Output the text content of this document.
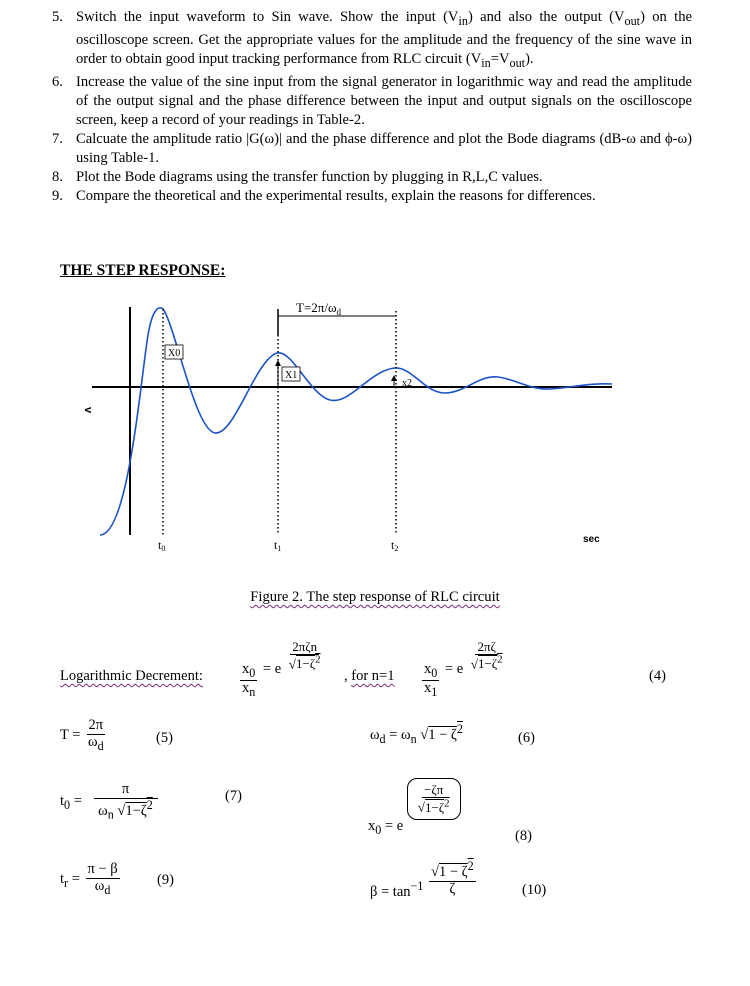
5. Switch the input waveform to Sin wave. Show the input $(V_{in})$ and also the output $(V_{out})$ on the oscilloscope screen. Get the appropriate values for the amplitude and the frequency of the sine wave in order to obtain good input tracking performance from RLC circuit $(V_{in}=V_{out})$.
6. Increase the value of the sine input from the signal generator in logarithmic way and read the amplitude of the output signal and the phase difference between the input and output signals on the oscilloscope screen, keep a record of your readings in Table-2.
7. Calcuate the amplitude ratio |G(ω)| and the phase difference and plot the Bode diagrams (dB-ω and ϕ-ω) using Table-1.
8. Plot the Bode diagrams using the transfer function by plugging in R,L,C values.
9. Compare the theoretical and the experimental results, explain the reasons for differences.
THE STEP RESPONSE:
v
$T=2\pi/\omega_d$
X0
X1
x2
t0	t1	t2
sec
Figure 2. The step response of RLC circuit
Logarithmic Decrement:	$\frac{x_0}{x_n} = e \frac{\text{2πζn}}{√1-\zeta^2}$
, for $n=1 \frac{x_0}{x_1} = e \frac{2\pi\zeta}{√1-\zeta^2}$
(4)
$T = \frac{2\pi}{\omega_d}$	(5)	$\omega_d = \omega_n$ $√1 - \zeta^2$
(6)
$t_0 = \frac{\pi}{\omega_n √1-\zeta^2}$	(7)
$x_0 = e$
$\frac{-\zeta\pi}{√1-\zeta^2}$
(8)
$t_r = \frac{\pi - \beta}{\omega_d}$	(9)
$\beta = \tan^{-1} \frac{√1 - \zeta^2}{\zeta}$	(10)
